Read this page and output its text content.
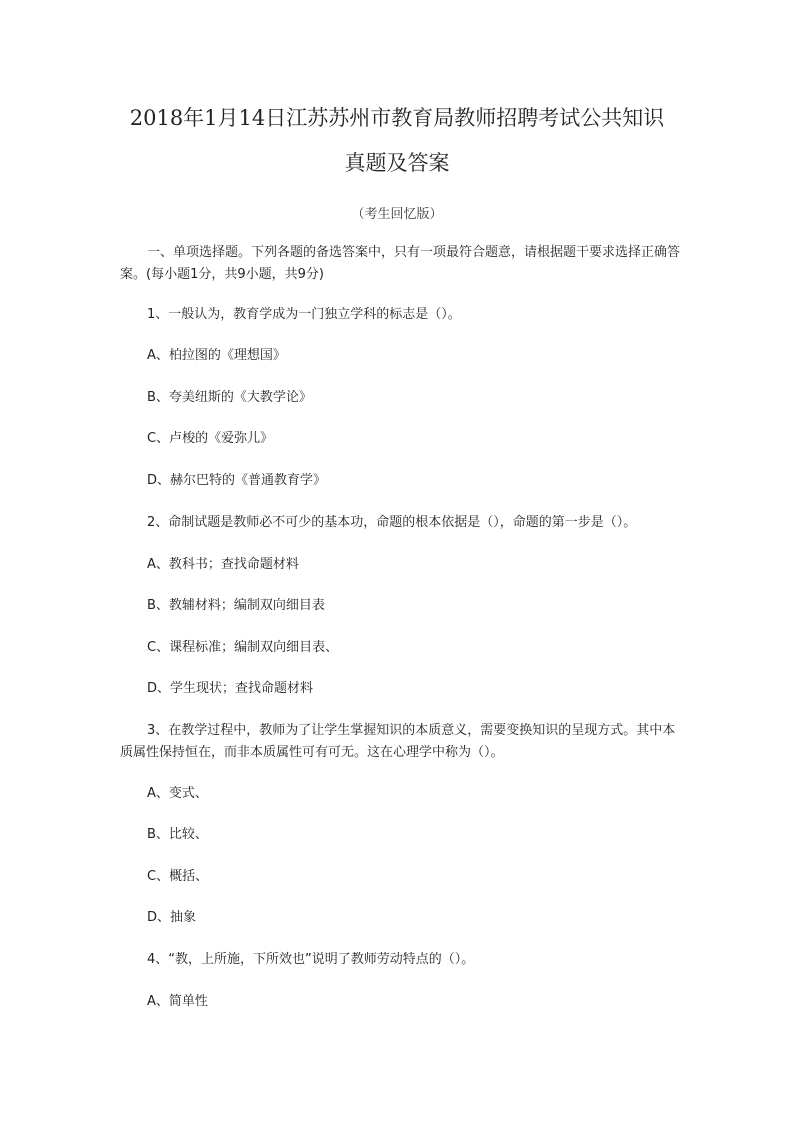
2018年1月14日江苏苏州市教育局教师招聘考试公共知识
真题及答案
（考生回忆版）
一、单项选择题。下列各题的备选答案中，只有一项最符合题意，请根据题干要求选择正确答案。(每小题1分，共9小题，共9分)
1、一般认为，教育学成为一门独立学科的标志是（）。
A、柏拉图的《理想国》
B、夸美纽斯的《大教学论》
C、卢梭的《爱弥儿》
D、赫尔巴特的《普通教育学》
2、命制试题是教师必不可少的基本功，命题的根本依据是（），命题的第一步是（）。
A、教科书；查找命题材料
B、教辅材料；编制双向细目表
C、课程标准；编制双向细目表、
D、学生现状；查找命题材料
3、在教学过程中，教师为了让学生掌握知识的本质意义，需要变换知识的呈现方式。其中本质属性保持恒在，而非本质属性可有可无。这在心理学中称为（）。
A、变式、
B、比较、
C、概括、
D、抽象
4、“教，上所施，下所效也”说明了教师劳动特点的（）。
A、简单性
